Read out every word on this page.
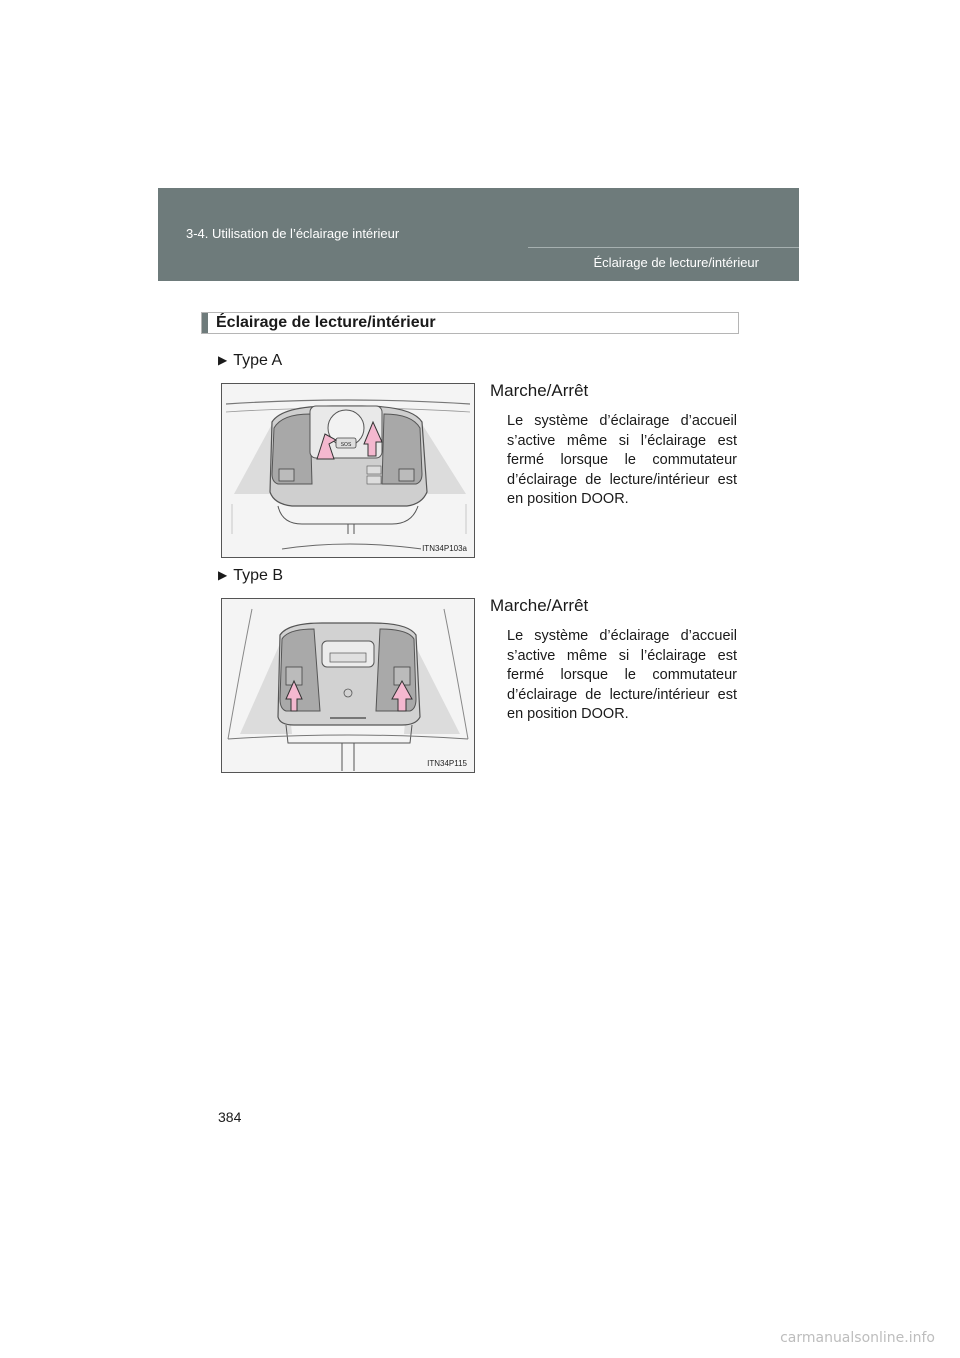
3-4. Utilisation de l’éclairage intérieur
Éclairage de lecture/intérieur
Éclairage de lecture/intérieur
▶ Type A
SOS
ITN34P103a
Marche/Arrêt

Le système d’éclairage d’accueil s’active même si l’éclairage est fermé lorsque le commutateur d’éclairage de lecture/intérieur est en position DOOR.

▶ Type B
ITN34P115
Marche/Arrêt

Le système d’éclairage d’accueil s’active même si l’éclairage est fermé lorsque le commutateur d’éclairage de lecture/intérieur est en position DOOR.

384
carmanualsonline.info
